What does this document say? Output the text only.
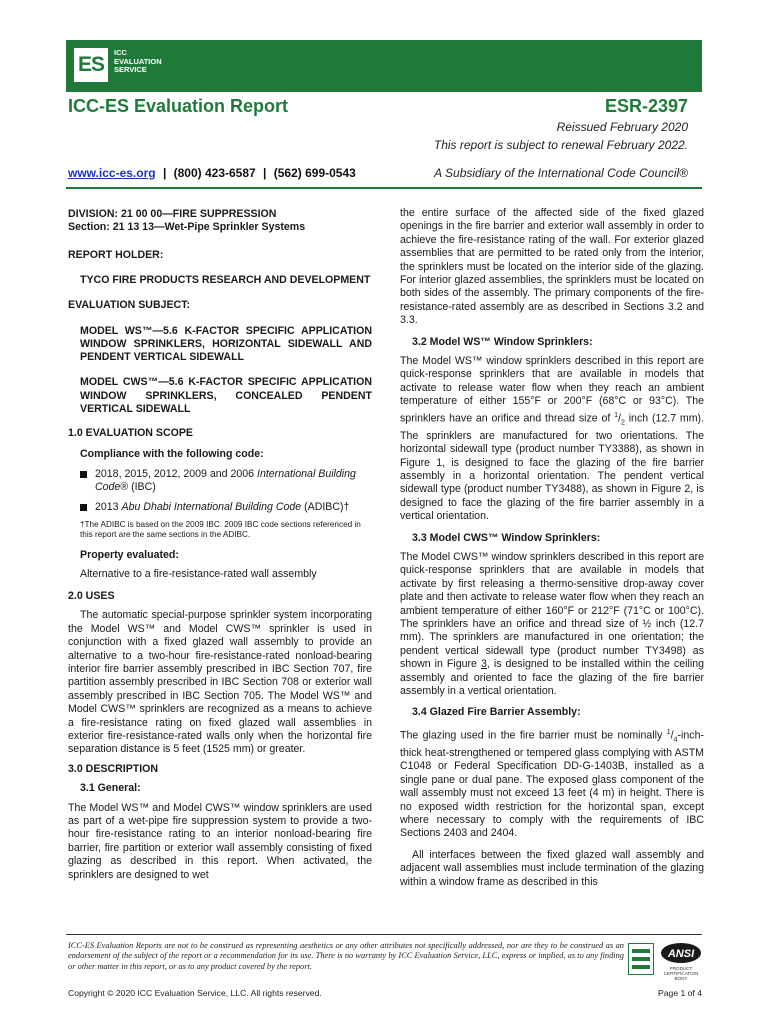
ES
ICC
EVALUATION
SERVICE
ICC-ES Evaluation Report	ESR-2397
Reissued February 2020
This report is subject to renewal February 2022.
www.icc-es.org | (800) 423-6587 | (562) 699-0543	A Subsidiary of the International Code Council®
DIVISION: 21 00 00—FIRE SUPPRESSION
Section: 21 13 13—Wet-Pipe Sprinkler Systems
REPORT HOLDER:
TYCO FIRE PRODUCTS RESEARCH AND DEVELOPMENT
EVALUATION SUBJECT:
MODEL WS™—5.6 K-FACTOR SPECIFIC APPLICATION WINDOW SPRINKLERS, HORIZONTAL SIDEWALL AND PENDENT VERTICAL SIDEWALL
MODEL CWS™—5.6 K-FACTOR SPECIFIC APPLICATION WINDOW SPRINKLERS, CONCEALED PENDENT VERTICAL SIDEWALL
1.0 EVALUATION SCOPE
Compliance with the following code:
2018, 2015, 2012, 2009 and 2006 International Building Code® (IBC)
2013 Abu Dhabi International Building Code (ADIBC)†
†The ADIBC is based on the 2009 IBC. 2009 IBC code sections referenced in this report are the same sections in the ADIBC.
Property evaluated:
Alternative to a fire-resistance-rated wall assembly
2.0 USES
The automatic special-purpose sprinkler system incorporating the Model WS™ and Model CWS™ sprinkler is used in conjunction with a fixed glazed wall assembly to provide an alternative to a two-hour fire-resistance-rated nonload-bearing interior fire barrier assembly prescribed in IBC Section 707, fire partition assembly prescribed in IBC Section 708 or exterior wall assembly prescribed in IBC Section 705. The Model WS™ and Model CWS™ sprinklers are recognized as a means to achieve a fire-resistance rating on fixed glazed wall assemblies in exterior fire-resistance-rated walls only when the horizontal fire separation distance is 5 feet (1525 mm) or greater.
3.0 DESCRIPTION
3.1 General:
The Model WS™ and Model CWS™ window sprinklers are used as part of a wet-pipe fire suppression system to provide a two-hour fire-resistance rating to an interior nonload-bearing fire barrier, fire partition or exterior wall assembly consisting of fixed glazing as described in this report. When activated, the sprinklers are designed to wet
the entire surface of the affected side of the fixed glazed openings in the fire barrier and exterior wall assembly in order to achieve the fire-resistance rating of the wall. For exterior glazed assemblies that are permitted to be rated only from the interior, the sprinklers must be located on the interior side of the glazing. For interior glazed assemblies, the sprinklers must be located on both sides of the assembly. The primary components of the fire-resistance-rated assembly are as described in Sections 3.2 and 3.3.
3.2 Model WS™ Window Sprinklers:
The Model WS™ window sprinklers described in this report are quick-response sprinklers that are available in models that activate to release water flow when they reach an ambient temperature of either 155°F or 200°F (68°C or 93°C). The sprinklers have an orifice and thread size of $^1/_2$ inch (12.7 mm). The sprinklers are manufactured for two orientations. The horizontal sidewall type (product number TY3388), as shown in Figure 1, is designed to face the glazing of the fire barrier assembly in a horizontal orientation. The pendent vertical sidewall type (product number TY3488), as shown in Figure 2, is designed to face the glazing of the fire barrier assembly in a vertical orientation.
3.3 Model CWS™ Window Sprinklers:
The Model CWS™ window sprinklers described in this report are quick-response sprinklers that are available in models that activate by first releasing a thermo-sensitive drop-away cover plate and then activate to release water flow when they reach an ambient temperature of either 160°F or 212°F (71°C or 100°C). The sprinklers have an orifice and thread size of ½ inch (12.7 mm). The sprinklers are manufactured in one orientation; the pendent vertical sidewall type (product number TY3498) as shown in Figure 3, is designed to be installed within the ceiling assembly and oriented to face the glazing of the fire barrier assembly in a vertical orientation.
3.4 Glazed Fire Barrier Assembly:
The glazing used in the fire barrier must be nominally $^1/_4-inch$-thick heat-strengthened or tempered glass complying with ASTM C1048 or Federal Specification DD-G-1403B, installed as a single pane or dual pane. The exposed glass component of the wall assembly must not exceed 13 feet (4 m) in height. There is no exposed width restriction for the horizontal span, except where necessary to comply with the requirements of IBC Sections 2403 and 2404.
All interfaces between the fixed glazed wall assembly and adjacent wall assemblies must include termination of the glazing within a window frame as described in this
ICC-ES Evaluation Reports are not to be construed as representing aesthetics or any other attributes not specifically addressed, nor are they to be construed as an endorsement of the subject of the report or a recommendation for its use. There is no warranty by ICC Evaluation Service, LLC, express or implied, as to any finding or other matter in this report, or as to any product covered by the report.
ANSI
PRODUCT CERTIFICATION BODY
Copyright © 2020 ICC Evaluation Service, LLC. All rights reserved.	Page 1 of 4
